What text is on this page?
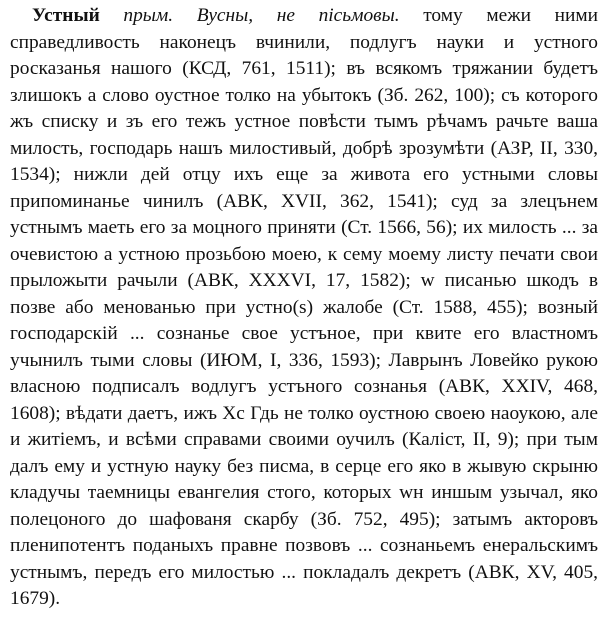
Устный прым. Вусны, не пісьмовы. тому межи ними справедливость наконецъ вчинили, подлугъ науки и устного росказанья нашого (КСД, 761, 1511); въ всякомъ тряжании будетъ злишокъ а слово оустное толко на убытокъ (Зб. 262, 100); съ которого жъ списку и зъ его тежъ устное повѣсти тымъ рѣчамъ рачьте ваша милость, господарь нашъ милостивый, добрѣ зрозумѣти (АЗР, II, 330, 1534); нижли дей отцу ихъ еще за живота его устными словы припоминанье чинилъ (АВК, XVII, 362, 1541); суд за злецънем устнымъ маеть его за моцного приняти (Ст. 1566, 56); их милость ... за очевистою а устною прозьбою моею, к сему моему листу печати свои прыложыти рачыли (АВК, XXXVI, 17, 1582); w писанью шкодъ в позве або менованью при устно(s) жалобе (Ст. 1588, 455); возный господарскій ... сознанье свое устъное, при квите его властномъ учынилъ тыми словы (ИЮМ, I, 336, 1593); Лаврынъ Ловейко рукою власною подписалъ водлугъ устъного сознанья (АВК, XXIV, 468, 1608); вѣдати даетъ, ижъ Хс Гдь не толко оустною своею наоукою, але и житіемъ, и всѣми справами своими оучилъ (Каліст, II, 9); при тым далъ ему и устную науку без писма, в серце его яко в жывую скрыню кладучы таемницы евангелия стого, которых wн иншым узычал, яко полецоного до шафованя скарбу (Зб. 752, 495); затымъ акторовъ пленипотентъ поданыхъ правне позвовъ ... сознаньемъ енеральскимъ устнымъ, передъ его милостью ... покладалъ декретъ (АВК, XV, 405, 1679).
